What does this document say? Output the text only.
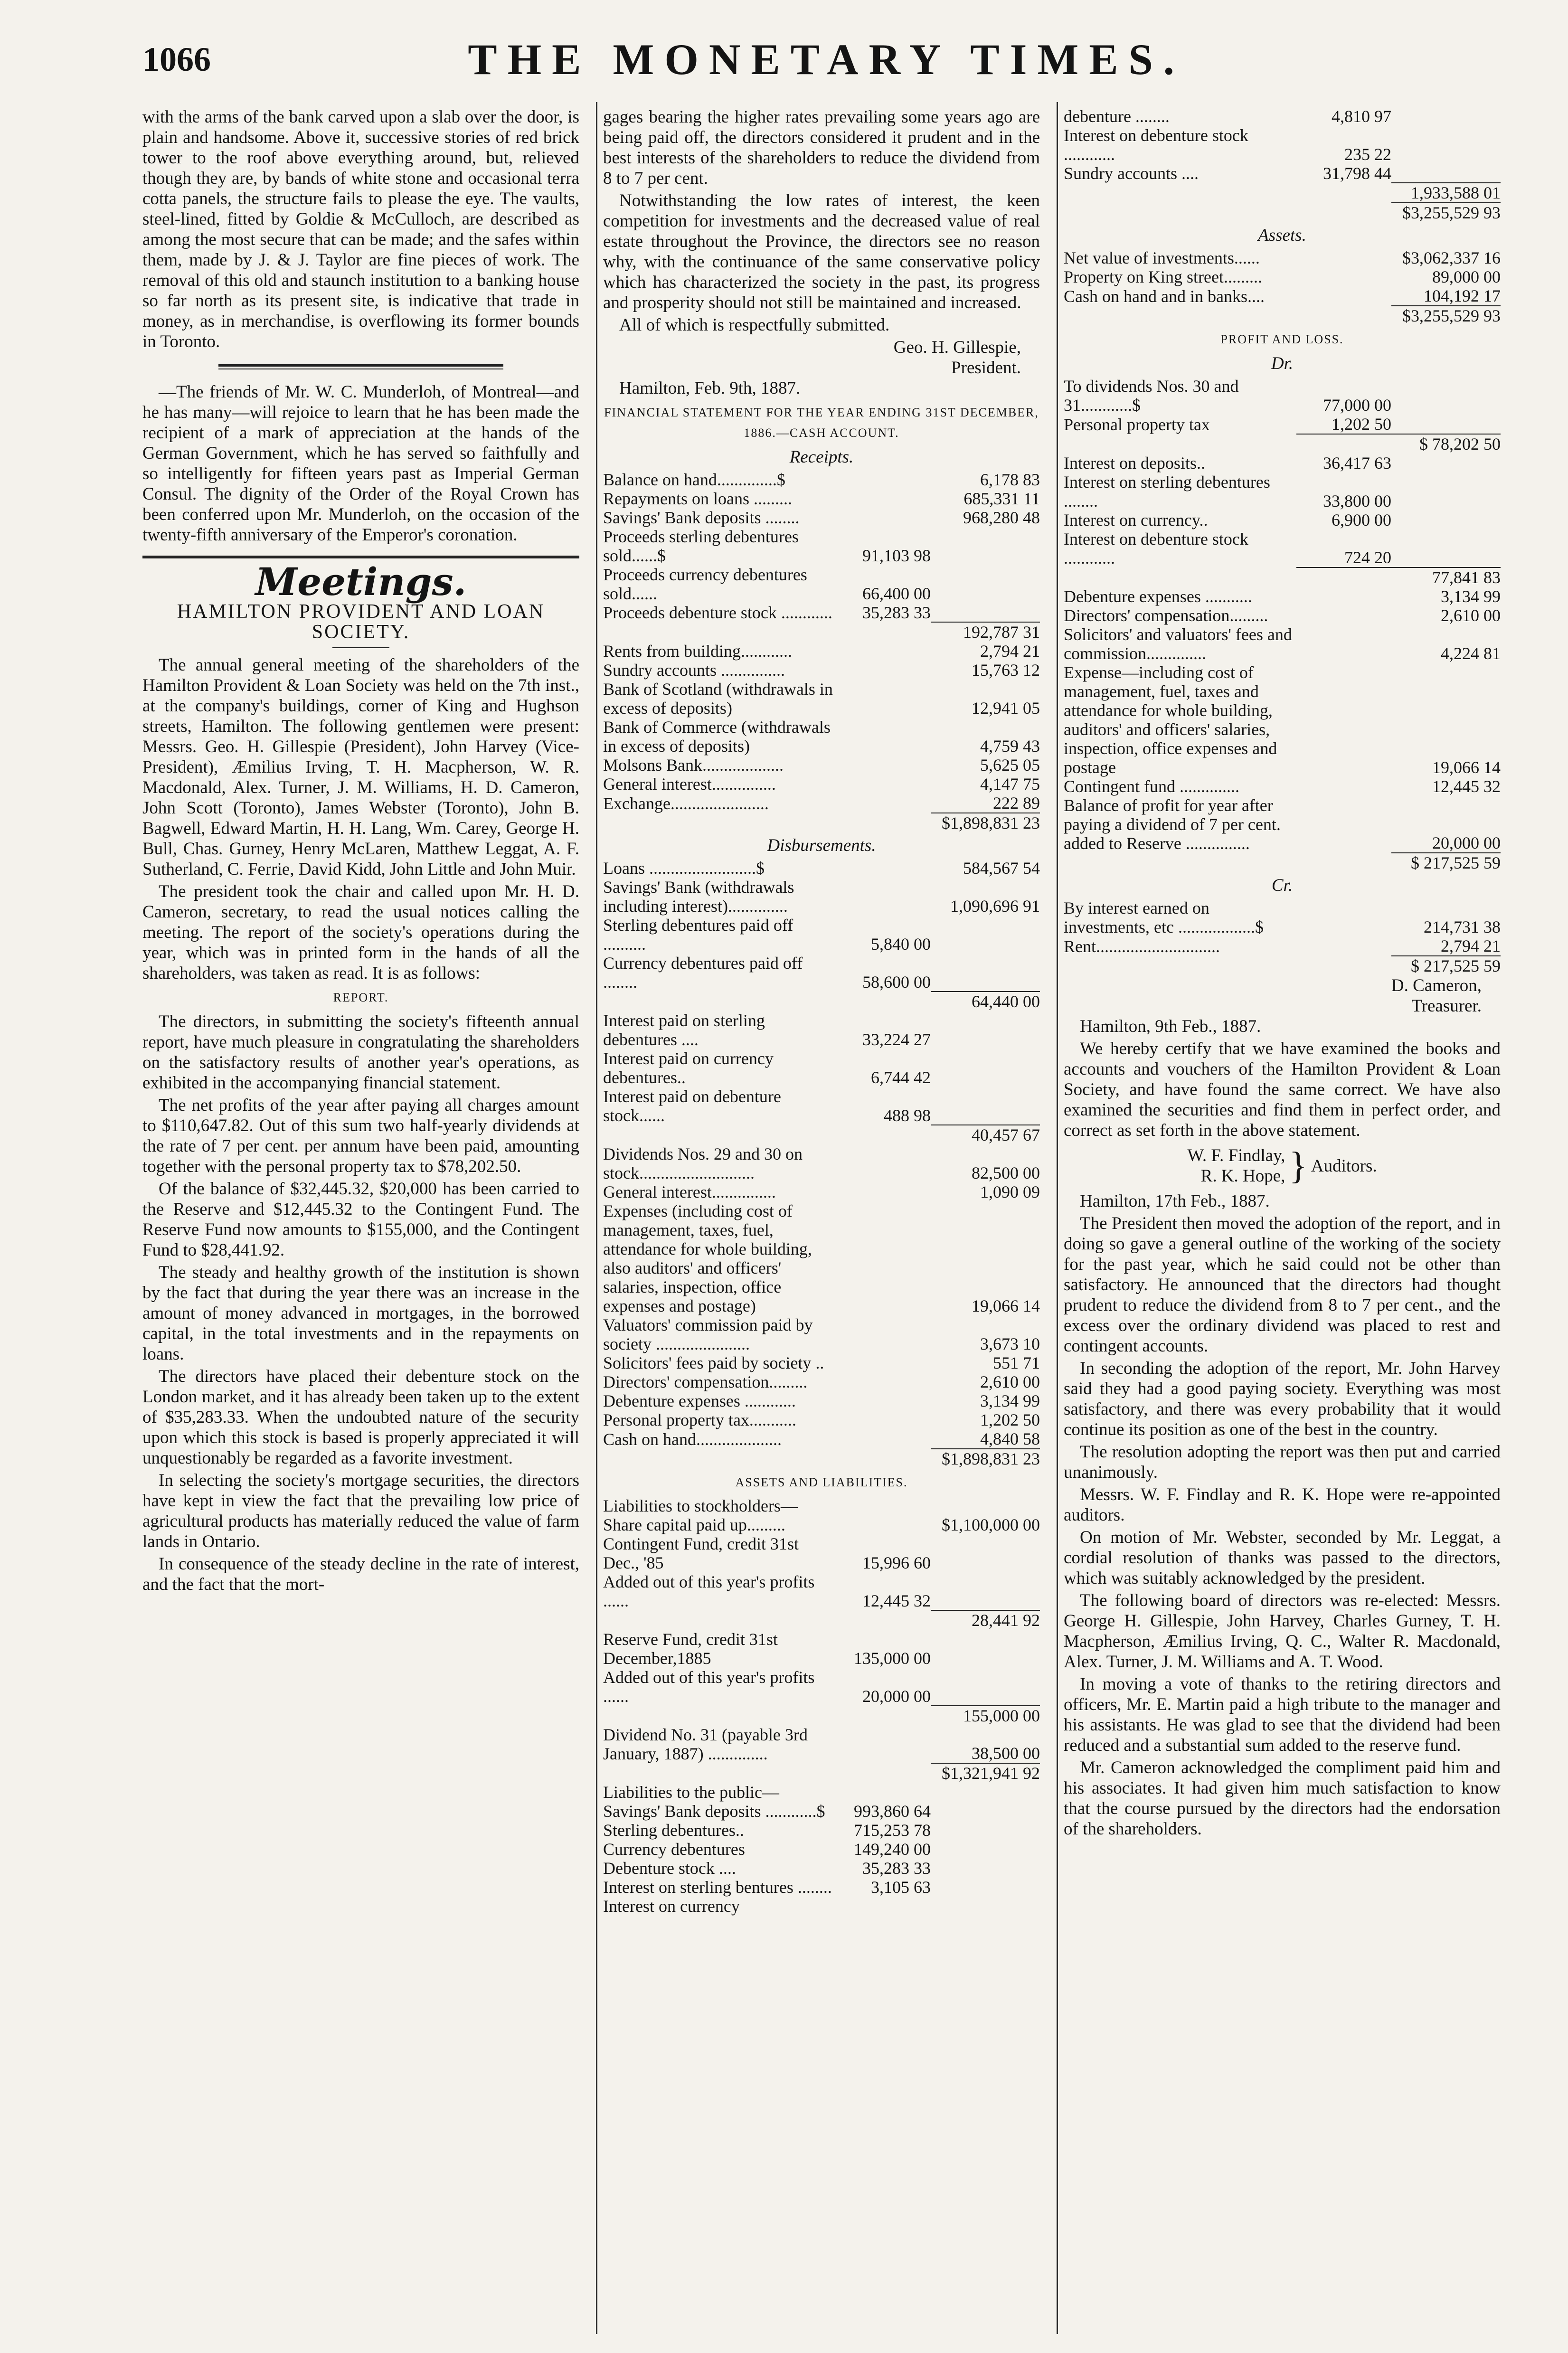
1066	THE MONETARY TIMES.

with the arms of the bank carved upon a slab over the door, is plain and handsome. Above it, successive stories of red brick tower to the roof above everything around, but, relieved though they are, by bands of white stone and occasional terra cotta panels, the structure fails to please the eye. The vaults, steel-lined, fitted by Goldie & McCulloch, are described as among the most secure that can be made; and the safes within them, made by J. & J. Taylor are fine pieces of work. The removal of this old and staunch institution to a banking house so far north as its present site, is indicative that trade in money, as in merchandise, is overflowing its former bounds in Toronto.

—The friends of Mr. W. C. Munderloh, of Montreal—and he has many—will rejoice to learn that he has been made the recipient of a mark of appreciation at the hands of the German Government, which he has served so faithfully and so intelligently for fifteen years past as Imperial German Consul. The dignity of the Order of the Royal Crown has been conferred upon Mr. Munderloh, on the occasion of the twenty-fifth anniversary of the Emperor's coronation.

Meetings.
HAMILTON PROVIDENT AND LOAN SOCIETY.

The annual general meeting of the shareholders of the Hamilton Provident & Loan Society was held on the 7th inst., at the company's buildings, corner of King and Hughson streets, Hamilton. The following gentlemen were present: Messrs. Geo. H. Gillespie (President), John Harvey (Vice-President), Æmilius Irving, T. H. Macpherson, W. R. Macdonald, Alex. Turner, J. M. Williams, H. D. Cameron, John Scott (Toronto), James Webster (Toronto), John B. Bagwell, Edward Martin, H. H. Lang, Wm. Carey, George H. Bull, Chas. Gurney, Henry McLaren, Matthew Leggat, A. F. Sutherland, C. Ferrie, David Kidd, John Little and John Muir.

The president took the chair and called upon Mr. H. D. Cameron, secretary, to read the usual notices calling the meeting. The report of the society's operations during the year, which was in printed form in the hands of all the shareholders, was taken as read. It is as follows:

REPORT.

The directors, in submitting the society's fifteenth annual report, have much pleasure in congratulating the shareholders on the satisfactory results of another year's operations, as exhibited in the accompanying financial statement.

The net profits of the year after paying all charges amount to $110,647.82. Out of this sum two half-yearly dividends at the rate of 7 per cent. per annum have been paid, amounting together with the personal property tax to $78,202.50.

Of the balance of $32,445.32, $20,000 has been carried to the Reserve and $12,445.32 to the Contingent Fund. The Reserve Fund now amounts to $155,000, and the Contingent Fund to $28,441.92.

The steady and healthy growth of the institution is shown by the fact that during the year there was an increase in the amount of money advanced in mortgages, in the borrowed capital, in the total investments and in the repayments on loans.

The directors have placed their debenture stock on the London market, and it has already been taken up to the extent of $35,283.33. When the undoubted nature of the security upon which this stock is based is properly appreciated it will unquestionably be regarded as a favorite investment.

In selecting the society's mortgage securities, the directors have kept in view the fact that the prevailing low price of agricultural products has materially reduced the value of farm lands in Ontario.

In consequence of the steady decline in the rate of interest, and the fact that the mort-

gages bearing the higher rates prevailing some years ago are being paid off, the directors considered it prudent and in the best interests of the shareholders to reduce the dividend from 8 to 7 per cent.

Notwithstanding the low rates of interest, the keen competition for investments and the decreased value of real estate throughout the Province, the directors see no reason why, with the continuance of the same conservative policy which has characterized the society in the past, its progress and prosperity should not still be maintained and increased.

All of which is respectfully submitted.

Geo. H. Gillespie,
President.

Hamilton, Feb. 9th, 1887.

FINANCIAL STATEMENT FOR THE YEAR ENDING 31ST DECEMBER, 1886.—CASH ACCOUNT.
Receipts.
Balance on hand..............$		6,178 83
Repayments on loans .........		685,331 11
Savings' Bank deposits ........		968,280 48
Proceeds sterling debentures sold......$	91,103 98	
Proceeds currency debentures sold......	66,400 00	
Proceeds debenture stock ............	35,283 33	
		192,787 31
Rents from building............		2,794 21
Sundry accounts ...............		15,763 12
Bank of Scotland (withdrawals in excess of deposits)		12,941 05
Bank of Commerce (withdrawals in excess of deposits)		4,759 43
Molsons Bank...................		5,625 05
General interest...............		4,147 75
Exchange.......................		222 89
		$1,898,831 23
Disbursements.
Loans .........................$		584,567 54
Savings' Bank (withdrawals including interest)..............		1,090,696 91
Sterling debentures paid off ..........	5,840 00	
Currency debentures paid off ........	58,600 00	
		64,440 00
Interest paid on sterling debentures ....	33,224 27	
Interest paid on currency debentures..	6,744 42	
Interest paid on debenture stock......	488 98	
		40,457 67
Dividends Nos. 29 and 30 on stock...........................		82,500 00
General interest...............		1,090 09
Expenses (including cost of management, taxes, fuel, attendance for whole building, also auditors' and officers' salaries, inspection, office expenses and postage)		19,066 14
Valuators' commission paid by society ......................		3,673 10
Solicitors' fees paid by society ..		551 71
Directors' compensation.........		2,610 00
Debenture expenses ............		3,134 99
Personal property tax...........		1,202 50
Cash on hand....................		4,840 58
		$1,898,831 23
ASSETS AND LIABILITIES.
Liabilities to stockholders—		
Share capital paid up.........		$1,100,000 00
Contingent Fund, credit 31st Dec., '85	15,996 60	
Added out of this year's profits ......	12,445 32	
		28,441 92
Reserve Fund, credit 31st December,1885	135,000 00	
Added out of this year's profits ......	20,000 00	
		155,000 00
Dividend No. 31 (payable 3rd January, 1887) ..............		38,500 00
		$1,321,941 92
Liabilities to the public—		
Savings' Bank deposits ............$	993,860 64	
Sterling debentures..	715,253 78	
Currency debentures	149,240 00	
Debenture stock ....	35,283 33	
Interest on sterling bentures ........	3,105 63	
Interest on currency		
debenture ........	4,810 97	
Interest on debenture stock ............	235 22	
Sundry accounts ....	31,798 44	
		1,933,588 01
		$3,255,529 93
Assets.
Net value of investments......		$3,062,337 16
Property on King street.........		89,000 00
Cash on hand and in banks....		104,192 17
		$3,255,529 93
PROFIT AND LOSS.
Dr.
To dividends Nos. 30 and 31............$	77,000 00	
Personal property tax	1,202 50	
		$ 78,202 50
Interest on deposits..	36,417 63	
Interest on sterling debentures ........	33,800 00	
Interest on currency..	6,900 00	
Interest on debenture stock ............	724 20	
		77,841 83
Debenture expenses ...........		3,134 99
Directors' compensation.........		2,610 00
Solicitors' and valuators' fees and commission..............		4,224 81
Expense—including cost of management, fuel, taxes and attendance for whole building, auditors' and officers' salaries, inspection, office expenses and postage		19,066 14
Contingent fund ..............		12,445 32
Balance of profit for year after paying a dividend of 7 per cent. added to Reserve ...............		20,000 00
		$ 217,525 59
Cr.
By interest earned on investments, etc ..................$		214,731 38
Rent.............................		2,794 21
		$ 217,525 59
D. Cameron,
Treasurer.

Hamilton, 9th Feb., 1887.

We hereby certify that we have examined the books and accounts and vouchers of the Hamilton Provident & Loan Society, and have found the same correct. We have also examined the securities and find them in perfect order, and correct as set forth in the above statement.

W. F. Findlay,
R. K. Hope, } Auditors.

Hamilton, 17th Feb., 1887.

The President then moved the adoption of the report, and in doing so gave a general outline of the working of the society for the past year, which he said could not be other than satisfactory. He announced that the directors had thought prudent to reduce the dividend from 8 to 7 per cent., and the excess over the ordinary dividend was placed to rest and contingent accounts.

In seconding the adoption of the report, Mr. John Harvey said they had a good paying society. Everything was most satisfactory, and there was every probability that it would continue its position as one of the best in the country.

The resolution adopting the report was then put and carried unanimously.

Messrs. W. F. Findlay and R. K. Hope were re-appointed auditors.

On motion of Mr. Webster, seconded by Mr. Leggat, a cordial resolution of thanks was passed to the directors, which was suitably acknowledged by the president.

The following board of directors was re-elected: Messrs. George H. Gillespie, John Harvey, Charles Gurney, T. H. Macpherson, Æmilius Irving, Q. C., Walter R. Macdonald, Alex. Turner, J. M. Williams and A. T. Wood.

In moving a vote of thanks to the retiring directors and officers, Mr. E. Martin paid a high tribute to the manager and his assistants. He was glad to see that the dividend had been reduced and a substantial sum added to the reserve fund.

Mr. Cameron acknowledged the compliment paid him and his associates. It had given him much satisfaction to know that the course pursued by the directors had the endorsation of the shareholders.
